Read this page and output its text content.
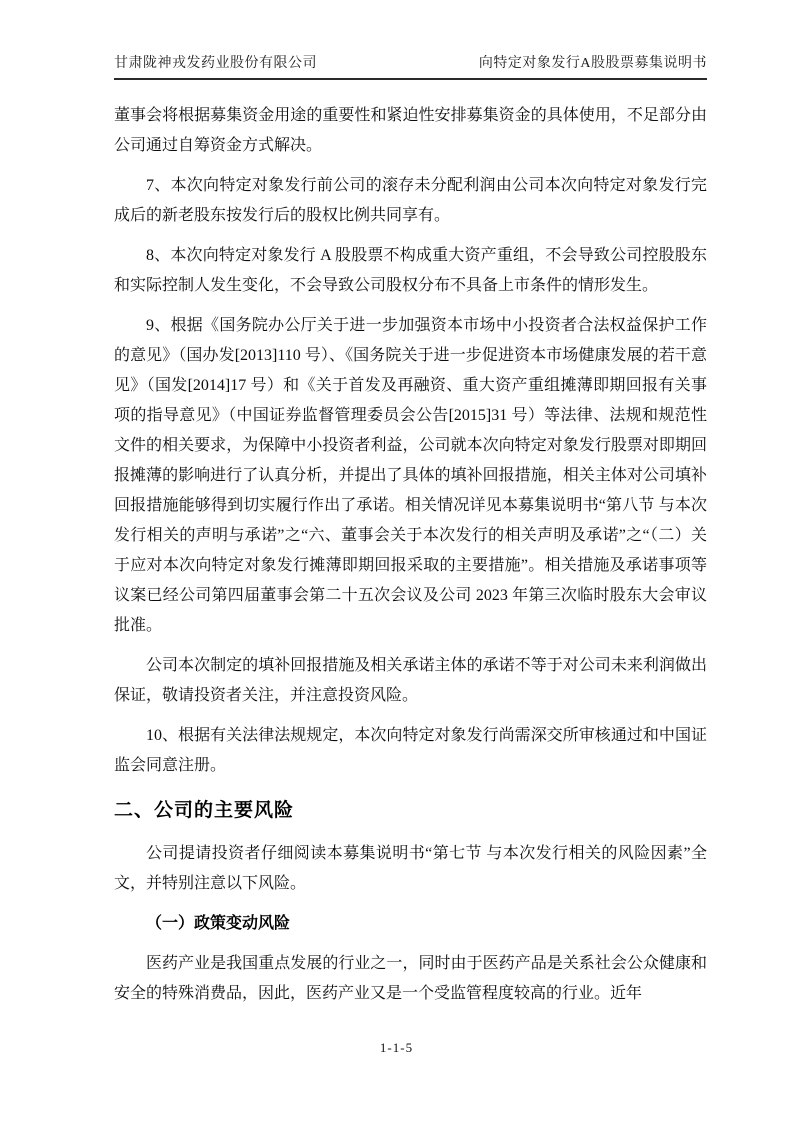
甘肃陇神戎发药业股份有限公司	向特定对象发行A股股票募集说明书

董事会将根据募集资金用途的重要性和紧迫性安排募集资金的具体使用，不足部分由公司通过自筹资金方式解决。

7、本次向特定对象发行前公司的滚存未分配利润由公司本次向特定对象发行完成后的新老股东按发行后的股权比例共同享有。

8、本次向特定对象发行 A 股股票不构成重大资产重组，不会导致公司控股股东和实际控制人发生变化，不会导致公司股权分布不具备上市条件的情形发生。

9、根据《国务院办公厅关于进一步加强资本市场中小投资者合法权益保护工作的意见》（国办发[2013]110 号）、《国务院关于进一步促进资本市场健康发展的若干意见》（国发[2014]17 号）和《关于首发及再融资、重大资产重组摊薄即期回报有关事项的指导意见》（中国证券监督管理委员会公告[2015]31 号）等法律、法规和规范性文件的相关要求，为保障中小投资者利益，公司就本次向特定对象发行股票对即期回报摊薄的影响进行了认真分析，并提出了具体的填补回报措施，相关主体对公司填补回报措施能够得到切实履行作出了承诺。相关情况详见本募集说明书“第八节 与本次发行相关的声明与承诺”之“六、董事会关于本次发行的相关声明及承诺”之“（二）关于应对本次向特定对象发行摊薄即期回报采取的主要措施”。相关措施及承诺事项等议案已经公司第四届董事会第二十五次会议及公司 2023 年第三次临时股东大会审议批准。

公司本次制定的填补回报措施及相关承诺主体的承诺不等于对公司未来利润做出保证，敬请投资者关注，并注意投资风险。

10、根据有关法律法规规定，本次向特定对象发行尚需深交所审核通过和中国证监会同意注册。

二、公司的主要风险

公司提请投资者仔细阅读本募集说明书“第七节 与本次发行相关的风险因素”全文，并特别注意以下风险。

（一）政策变动风险

医药产业是我国重点发展的行业之一，同时由于医药产品是关系社会公众健康和安全的特殊消费品，因此，医药产业又是一个受监管程度较高的行业。近年

1-1-5
